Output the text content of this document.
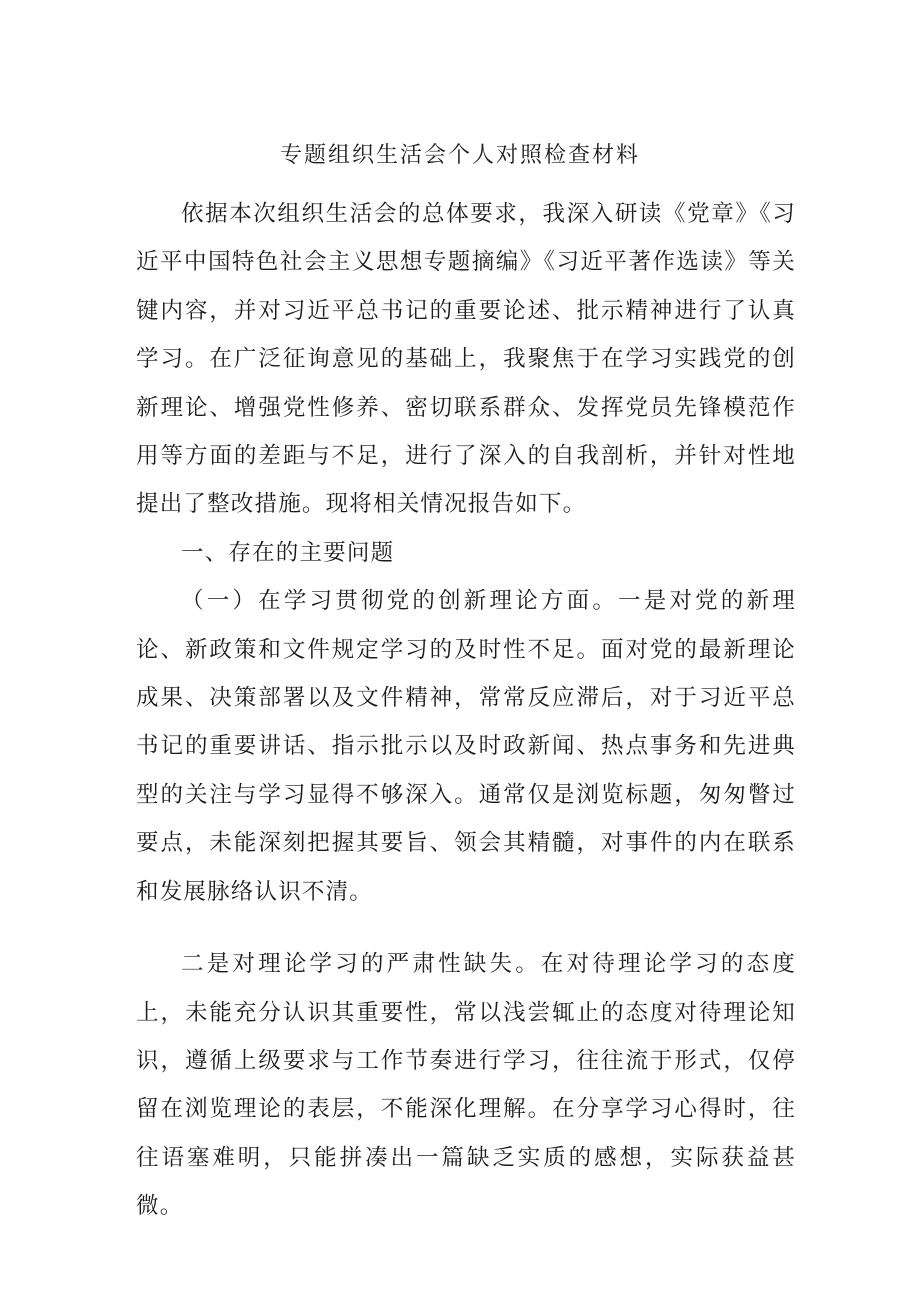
专题组织生活会个人对照检查材料

依据本次组织生活会的总体要求，我深入研读《党章》《习近平中国特色社会主义思想专题摘编》《习近平著作选读》等关键内容，并对习近平总书记的重要论述、批示精神进行了认真学习。在广泛征询意见的基础上，我聚焦于在学习实践党的创新理论、增强党性修养、密切联系群众、发挥党员先锋模范作用等方面的差距与不足，进行了深入的自我剖析，并针对性地提出了整改措施。现将相关情况报告如下。

一、存在的主要问题

（一）在学习贯彻党的创新理论方面。一是对党的新理论、新政策和文件规定学习的及时性不足。面对党的最新理论成果、决策部署以及文件精神，常常反应滞后，对于习近平总书记的重要讲话、指示批示以及时政新闻、热点事务和先进典型的关注与学习显得不够深入。通常仅是浏览标题，匆匆瞥过要点，未能深刻把握其要旨、领会其精髓，对事件的内在联系和发展脉络认识不清。

二是对理论学习的严肃性缺失。在对待理论学习的态度上，未能充分认识其重要性，常以浅尝辄止的态度对待理论知识，遵循上级要求与工作节奏进行学习，往往流于形式，仅停留在浏览理论的表层，不能深化理解。在分享学习心得时，往往语塞难明，只能拼凑出一篇缺乏实质的感想，实际获益甚微。
